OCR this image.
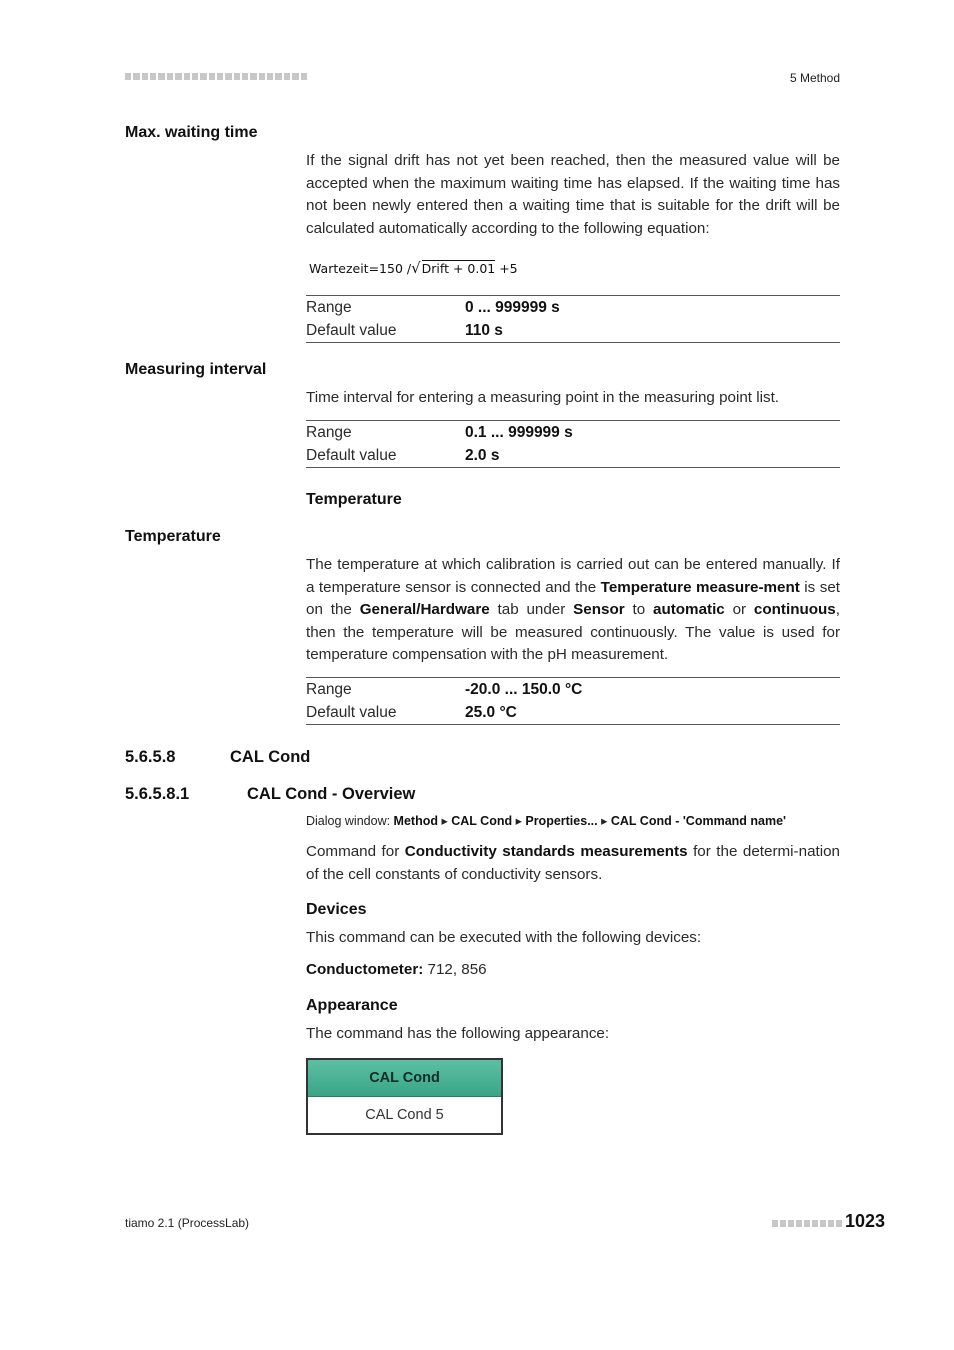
5 Method
Max. waiting time
If the signal drift has not yet been reached, then the measured value will be accepted when the maximum waiting time has elapsed. If the waiting time has not been newly entered then a waiting time that is suitable for the drift will be calculated automatically according to the following equation:
Wartezeit=150 /√Drift + 0.01 +5
Range	0 ... 999999 s
Default value	110 s
Measuring interval
Time interval for entering a measuring point in the measuring point list.
Range	0.1 ... 999999 s
Default value	2.0 s
Temperature
Temperature
The temperature at which calibration is carried out can be entered manually. If a temperature sensor is connected and the Temperature measure-ment is set on the General/Hardware tab under Sensor to automatic or continuous, then the temperature will be measured continuously. The value is used for temperature compensation with the pH measurement.
Range	-20.0 ... 150.0 °C
Default value	25.0 °C
5.6.5.8	CAL Cond
5.6.5.8.1	CAL Cond - Overview
Dialog window: Method ▸ CAL Cond ▸ Properties... ▸ CAL Cond - 'Command name'
Command for Conductivity standards measurements for the determi-nation of the cell constants of conductivity sensors.
Devices
This command can be executed with the following devices:
Conductometer: 712, 856
Appearance
The command has the following appearance:
CAL Cond
CAL Cond 5
tiamo 2.1 (ProcessLab)	1023
